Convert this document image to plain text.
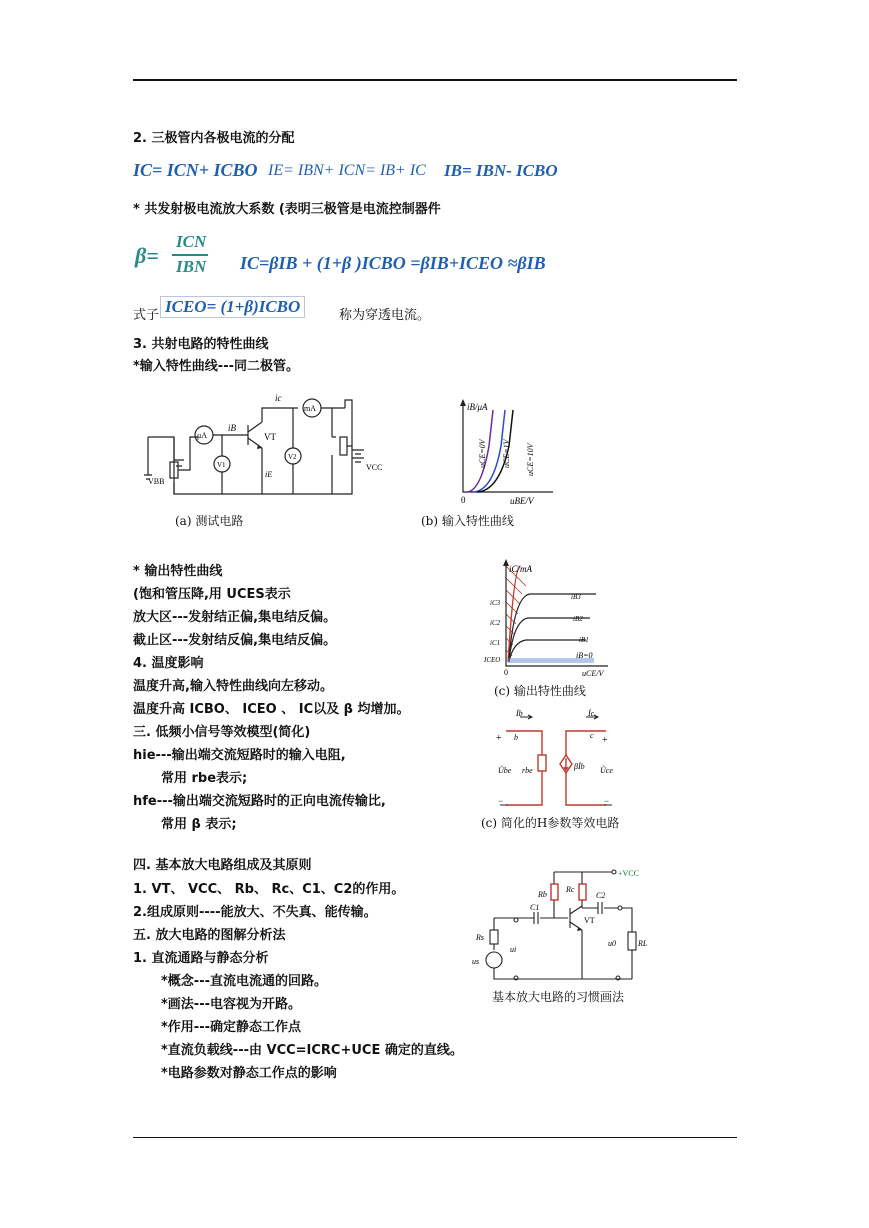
2. 三极管内各极电流的分配
IC= ICN+ ICBO IE= IBN+ ICN= IB+ IC IB= IBN- ICBO
* 共发射极电流放大系数 (表明三极管是电流控制器件
β=
ICN
IBN IC=βIB + (1+β )ICBO =βIB+ICEO ≈βIB
式子 ICEO= (1+β)ICBO	称为穿透电流。
3. 共射电路的特性曲线
*输入特性曲线---同二极管。
VBB
μA
iB
VT
ic
mA
V1
V2
iE
VCC
(a) 测试电路
iB/μA
uBE/V
0
uCE=0V uCE=1V uCE=10V
(b) 输入特性曲线
* 输出特性曲线
(饱和管压降,用 UCES表示
放大区---发射结正偏,集电结反偏。
截止区---发射结反偏,集电结反偏。
iC/mA
iC3
iC2
iC1
ICEO
iB3
iB2
iB1
iB=0
0	uCE/V
(c) 输出特性曲线
4. 温度影响
温度升高,输入特性曲线向左移动。
温度升高 ICBO、 ICEO 、 IC以及 β 均增加。
三. 低频小信号等效模型(简化)
hie---输出端交流短路时的输入电阻,
常用 rbe表示;
hfe---输出端交流短路时的正向电流传输比,
常用 β 表示;
İb	İc
+ b	c +
Ůbe rbe	βİb Ůce
−	−
(c) 简化的H参数等效电路
四. 基本放大电路组成及其原则
1. VT、 VCC、 Rb、 Rc、C1、C2的作用。
2.组成原则----能放大、不失真、能传输。
五. 放大电路的图解分析法
1. 直流通路与静态分析
*概念---直流电流通的回路。
*画法---电容视为开路。
*作用---确定静态工作点
*直流负载线---由 VCC=ICRC+UCE 确定的直线。
*电路参数对静态工作点的影响
+VCC
Rb
Rc
C1
C2
VT
Rs
ui
us
u0	RL
基本放大电路的习惯画法
